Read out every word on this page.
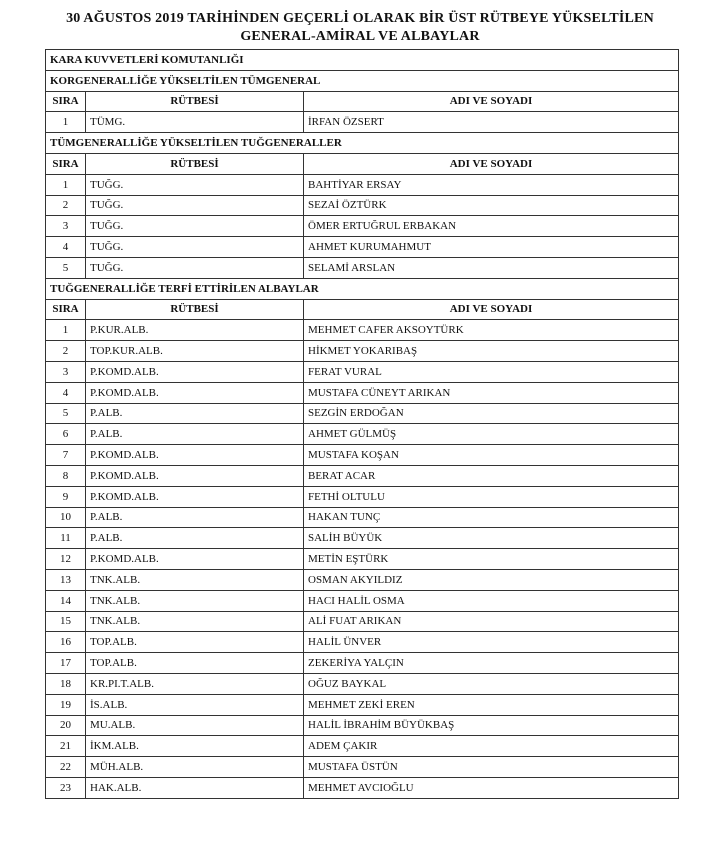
30 AĞUSTOS 2019 TARİHİNDEN GEÇERLİ OLARAK BİR ÜST RÜTBEYE YÜKSELTİLEN
GENERAL-AMİRAL VE ALBAYLAR
KARA KUVVETLERİ KOMUTANLIĞI		
KORGENERALLİĞE YÜKSELTİLEN TÜMGENERAL		
SIRA	RÜTBESİ	ADI VE SOYADI
1	TÜMG.	İRFAN ÖZSERT
TÜMGENERALLİĞE YÜKSELTİLEN TUĞGENERALLER		
SIRA	RÜTBESİ	ADI VE SOYADI
1	TUĞG.	BAHTİYAR ERSAY
2	TUĞG.	SEZAİ ÖZTÜRK
3	TUĞG.	ÖMER ERTUĞRUL ERBAKAN
4	TUĞG.	AHMET KURUMAHMUT
5	TUĞG.	SELAMİ ARSLAN
TUĞGENERALLİĞE TERFİ ETTİRİLEN ALBAYLAR		
SIRA	RÜTBESİ	ADI VE SOYADI
1	P.KUR.ALB.	MEHMET CAFER AKSOYTÜRK
2	TOP.KUR.ALB.	HİKMET YOKARIBAŞ
3	P.KOMD.ALB.	FERAT VURAL
4	P.KOMD.ALB.	MUSTAFA CÜNEYT ARIKAN
5	P.ALB.	SEZGİN ERDOĞAN
6	P.ALB.	AHMET GÜLMÜŞ
7	P.KOMD.ALB.	MUSTAFA KOŞAN
8	P.KOMD.ALB.	BERAT ACAR
9	P.KOMD.ALB.	FETHİ OLTULU
10	P.ALB.	HAKAN TUNÇ
11	P.ALB.	SALİH BÜYÜK
12	P.KOMD.ALB.	METİN EŞTÜRK
13	TNK.ALB.	OSMAN AKYILDIZ
14	TNK.ALB.	HACI HALİL OSMA
15	TNK.ALB.	ALİ FUAT ARIKAN
16	TOP.ALB.	HALİL ÜNVER
17	TOP.ALB.	ZEKERİYA YALÇIN
18	KR.PI.T.ALB.	OĞUZ BAYKAL
19	İS.ALB.	MEHMET ZEKİ EREN
20	MU.ALB.	HALİL İBRAHİM BÜYÜKBAŞ
21	İKM.ALB.	ADEM ÇAKIR
22	MÜH.ALB.	MUSTAFA ÜSTÜN
23	HAK.ALB.	MEHMET AVCIOĞLU
